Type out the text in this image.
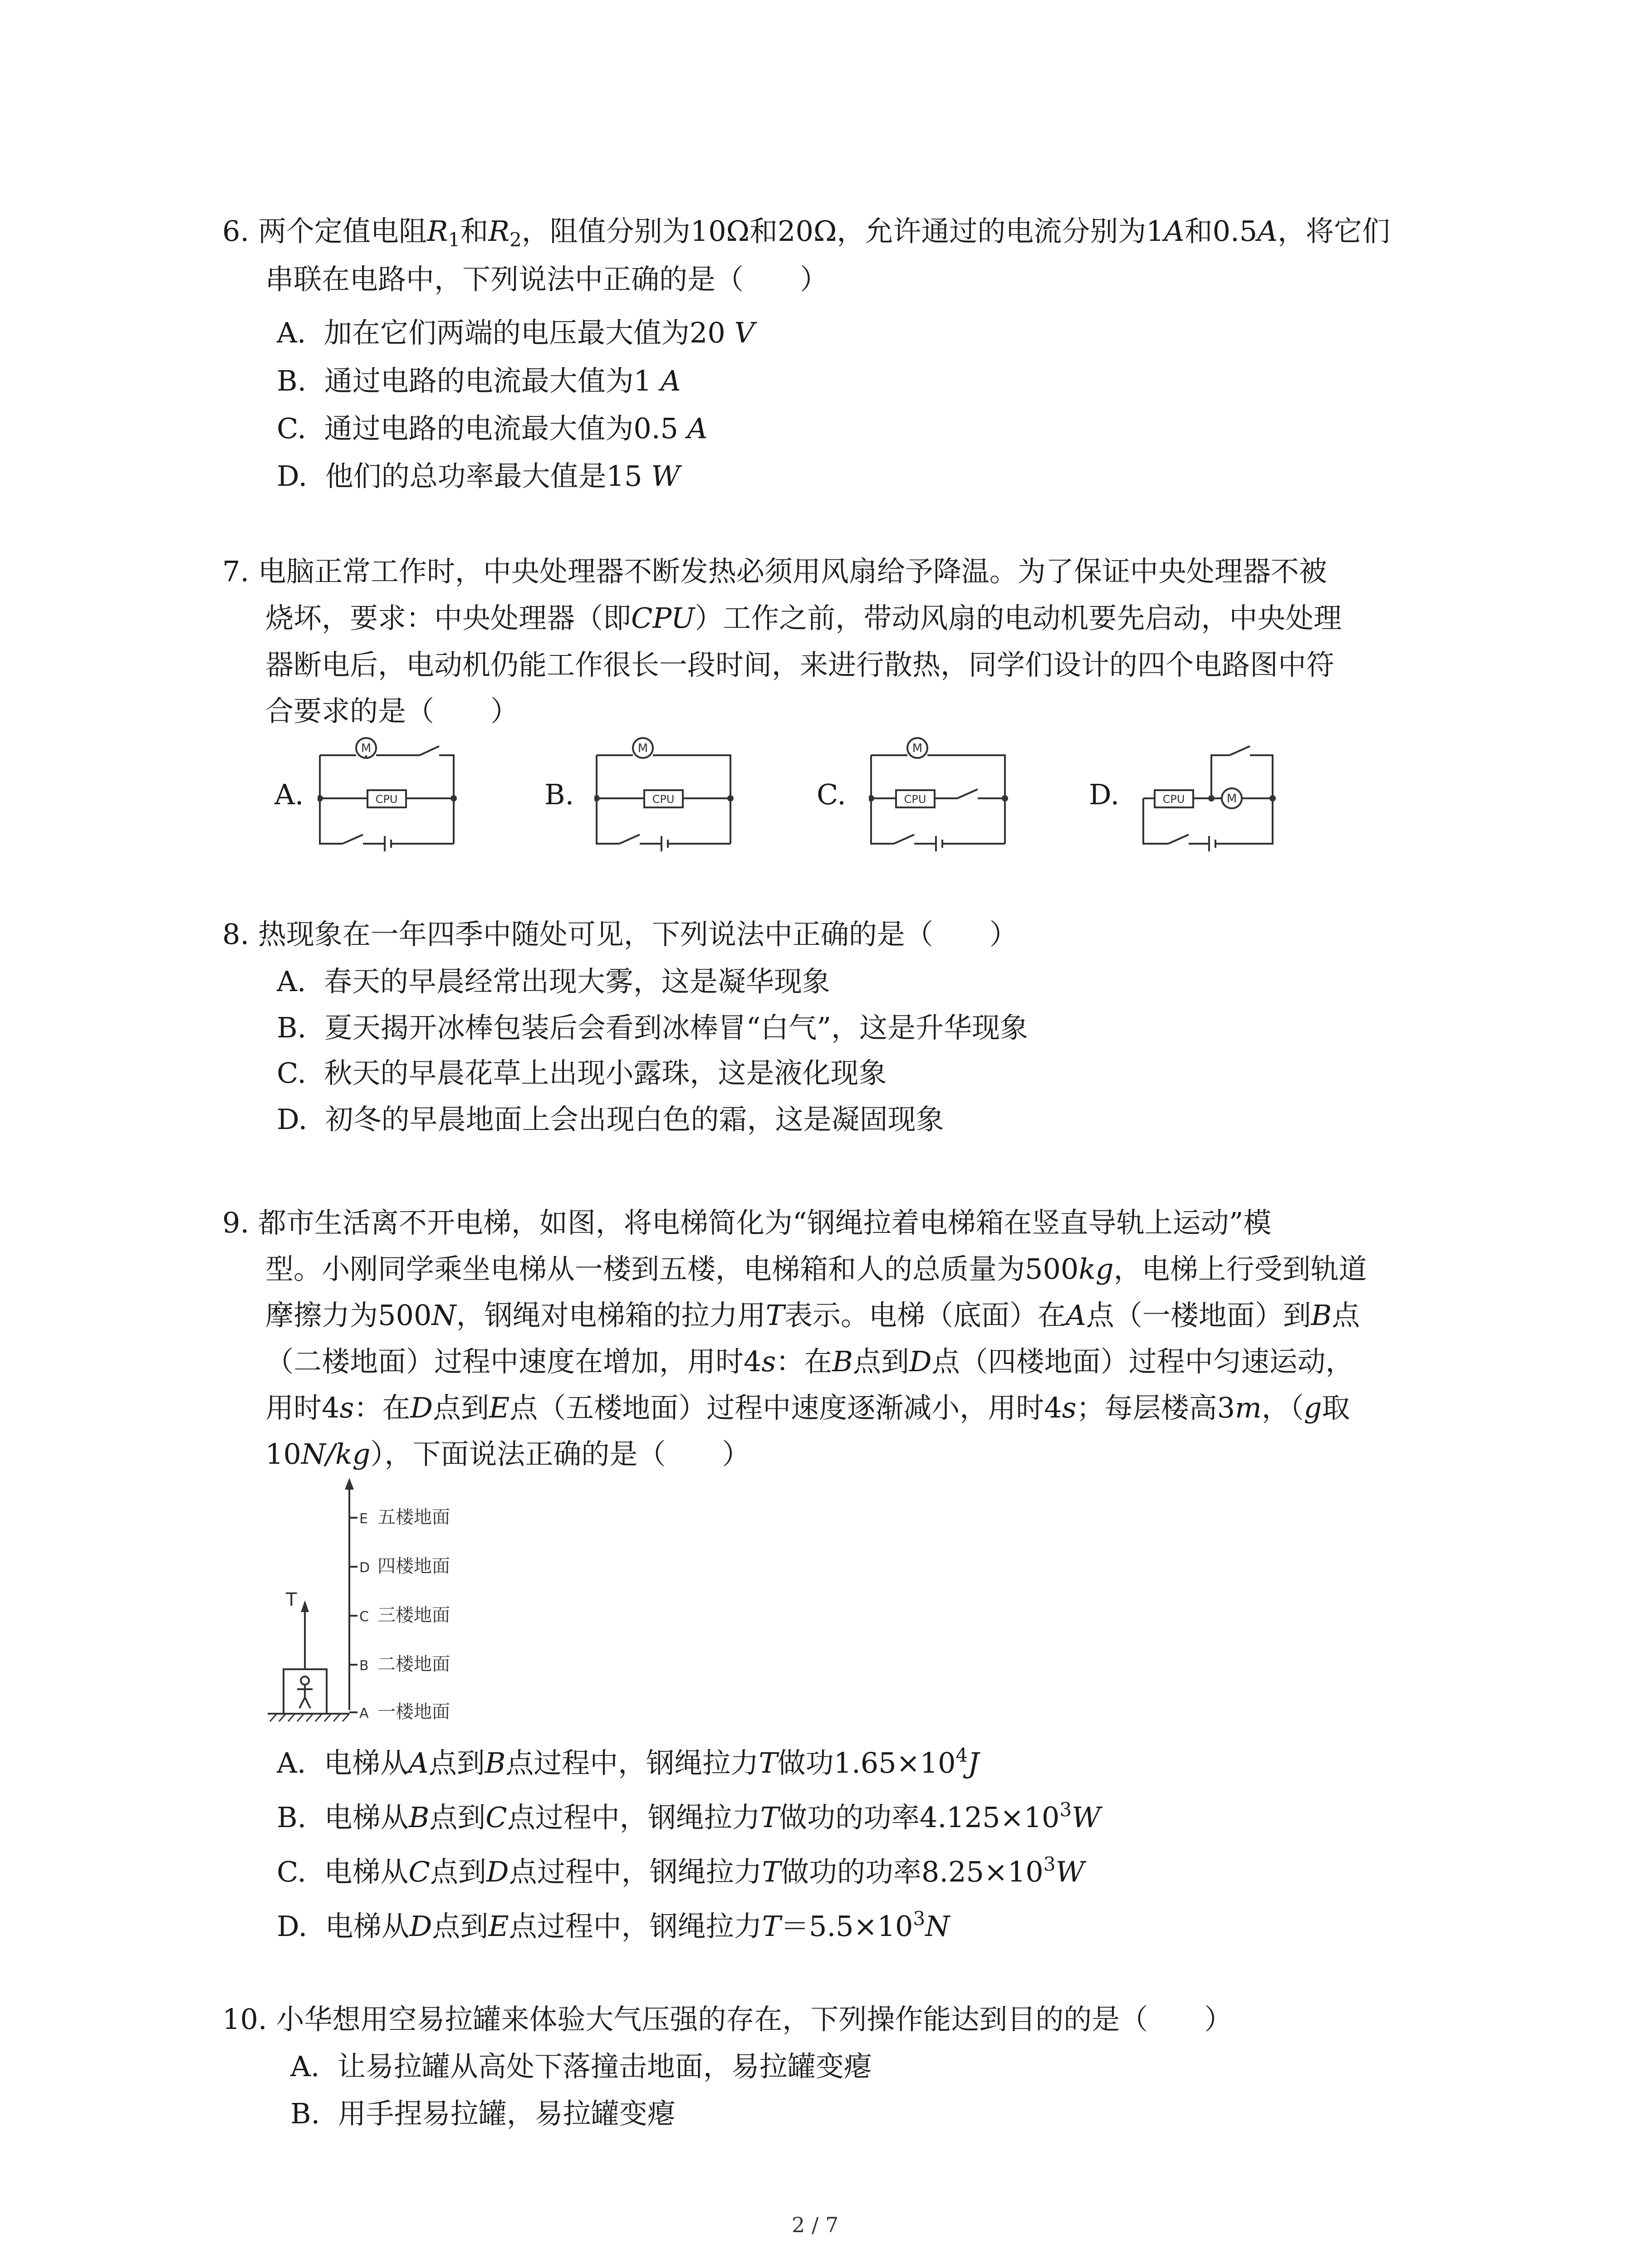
6. 两个定值电阻$R_1$和$R_2$，阻值分别为10Ω和20Ω，允许通过的电流分别为1A和0.5A，将它们
串联在电路中，下列说法中正确的是（　　）
A. 加在它们两端的电压最大值为20 V
B. 通过电路的电流最大值为1 A
C. 通过电路的电流最大值为0.5 A
D. 他们的总功率最大值是15 W
7. 电脑正常工作时，中央处理器不断发热必须用风扇给予降温。为了保证中央处理器不被
烧坏，要求：中央处理器（即CPU）工作之前，带动风扇的电动机要先启动，中央处理
器断电后，电动机仍能工作很长一段时间，来进行散热，同学们设计的四个电路图中符
合要求的是（　　）
A.	B.	C.	D.
M
CPU
M
CPU
M
CPU	M
CPU
8. 热现象在一年四季中随处可见，下列说法中正确的是（　　）
A. 春天的早晨经常出现大雾，这是凝华现象
B. 夏天揭开冰棒包装后会看到冰棒冒“白气”，这是升华现象
C. 秋天的早晨花草上出现小露珠，这是液化现象
D. 初冬的早晨地面上会出现白色的霜，这是凝固现象
9. 都市生活离不开电梯，如图，将电梯简化为“钢绳拉着电梯箱在竖直导轨上运动”模
型。小刚同学乘坐电梯从一楼到五楼，电梯箱和人的总质量为500kg，电梯上行受到轨道
摩擦力为500N，钢绳对电梯箱的拉力用T表示。电梯（底面）在A点（一楼地面）到B点
（二楼地面）过程中速度在增加，用时4s：在B点到D点（四楼地面）过程中匀速运动，
用时4s：在D点到E点（五楼地面）过程中速度逐渐减小，用时4s；每层楼高3m，（g取
10N/kg），下面说法正确的是（　　）
T
E 五楼地面
D 四楼地面
C 三楼地面
B 二楼地面
A 一楼地面
A. 电梯从A点到B点过程中，钢绳拉力T做功$1.65\times 10^4J$
B. 电梯从B点到C点过程中，钢绳拉力T做功的功率$4.125\times 10^3W$
C. 电梯从C点到D点过程中，钢绳拉力T做功的功率$8.25\times 10^3W$
D. 电梯从D点到E点过程中，钢绳拉力$T=5.5\times 10^3N$
10. 小华想用空易拉罐来体验大气压强的存在，下列操作能达到目的的是（　　）
A. 让易拉罐从高处下落撞击地面，易拉罐变瘪
B. 用手捏易拉罐，易拉罐变瘪
2 / 7
